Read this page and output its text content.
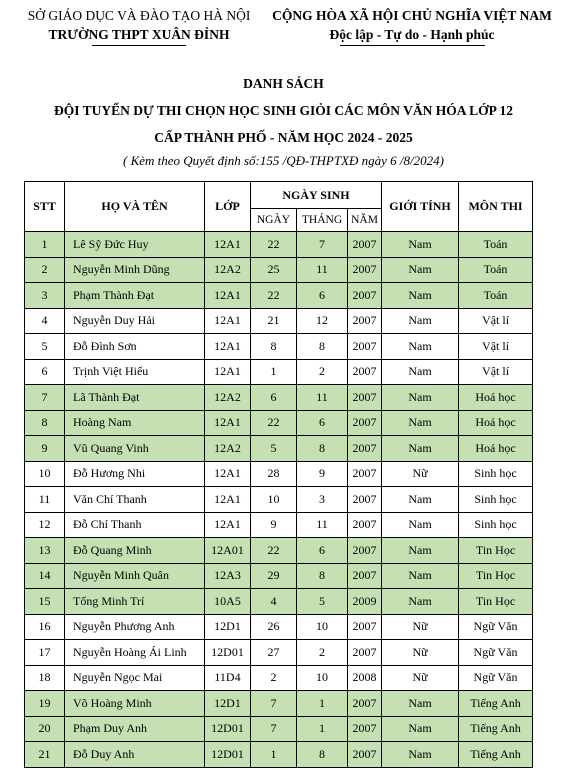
SỞ GIÁO DỤC VÀ ĐÀO TẠO HÀ NỘI
TRƯỜNG THPT XUÂN ĐỈNH
CỘNG HÒA XÃ HỘI CHỦ NGHĨA VIỆT NAM
Độc lập - Tự do - Hạnh phúc
DANH SÁCH
ĐỘI TUYỂN DỰ THI CHỌN HỌC SINH GIỎI CÁC MÔN VĂN HÓA LỚP 12
CẤP THÀNH PHỐ - NĂM HỌC 2024 - 2025
( Kèm theo Quyết định số:155 /QĐ-THPTXĐ ngày 6 /8/2024)
STT	HỌ VÀ TÊN	LỚP	NGÀY SINH			GIỚI TÍNH	MÔN THI
			NGÀY	THÁNG	NĂM		
1	Lê Sỹ Đức Huy	12A1	22	7	2007	Nam	Toán
2	Nguyễn Minh Dũng	12A2	25	11	2007	Nam	Toán
3	Phạm Thành Đạt	12A1	22	6	2007	Nam	Toán
4	Nguyễn Duy Hải	12A1	21	12	2007	Nam	Vật lí
5	Đỗ Đình Sơn	12A1	8	8	2007	Nam	Vật lí
6	Trịnh Việt Hiếu	12A1	1	2	2007	Nam	Vật lí
7	Lã Thành Đạt	12A2	6	11	2007	Nam	Hoá học
8	Hoàng Nam	12A1	22	6	2007	Nam	Hoá học
9	Vũ Quang Vinh	12A2	5	8	2007	Nam	Hoá học
10	Đỗ Hương Nhi	12A1	28	9	2007	Nữ	Sinh học
11	Văn Chí Thanh	12A1	10	3	2007	Nam	Sinh học
12	Đỗ Chí Thanh	12A1	9	11	2007	Nam	Sinh học
13	Đỗ Quang Minh	12A01	22	6	2007	Nam	Tin Học
14	Nguyễn Minh Quân	12A3	29	8	2007	Nam	Tin Học
15	Tống Minh Trí	10A5	4	5	2009	Nam	Tin Học
16	Nguyễn Phương Anh	12D1	26	10	2007	Nữ	Ngữ Văn
17	Nguyễn Hoàng Ái Linh	12D01	27	2	2007	Nữ	Ngữ Văn
18	Nguyễn Ngọc Mai	11D4	2	10	2008	Nữ	Ngữ Văn
19	Võ Hoàng Minh	12D1	7	1	2007	Nam	Tiếng Anh
20	Phạm Duy Anh	12D01	7	1	2007	Nam	Tiếng Anh
21	Đỗ Duy Anh	12D01	1	8	2007	Nam	Tiếng Anh
